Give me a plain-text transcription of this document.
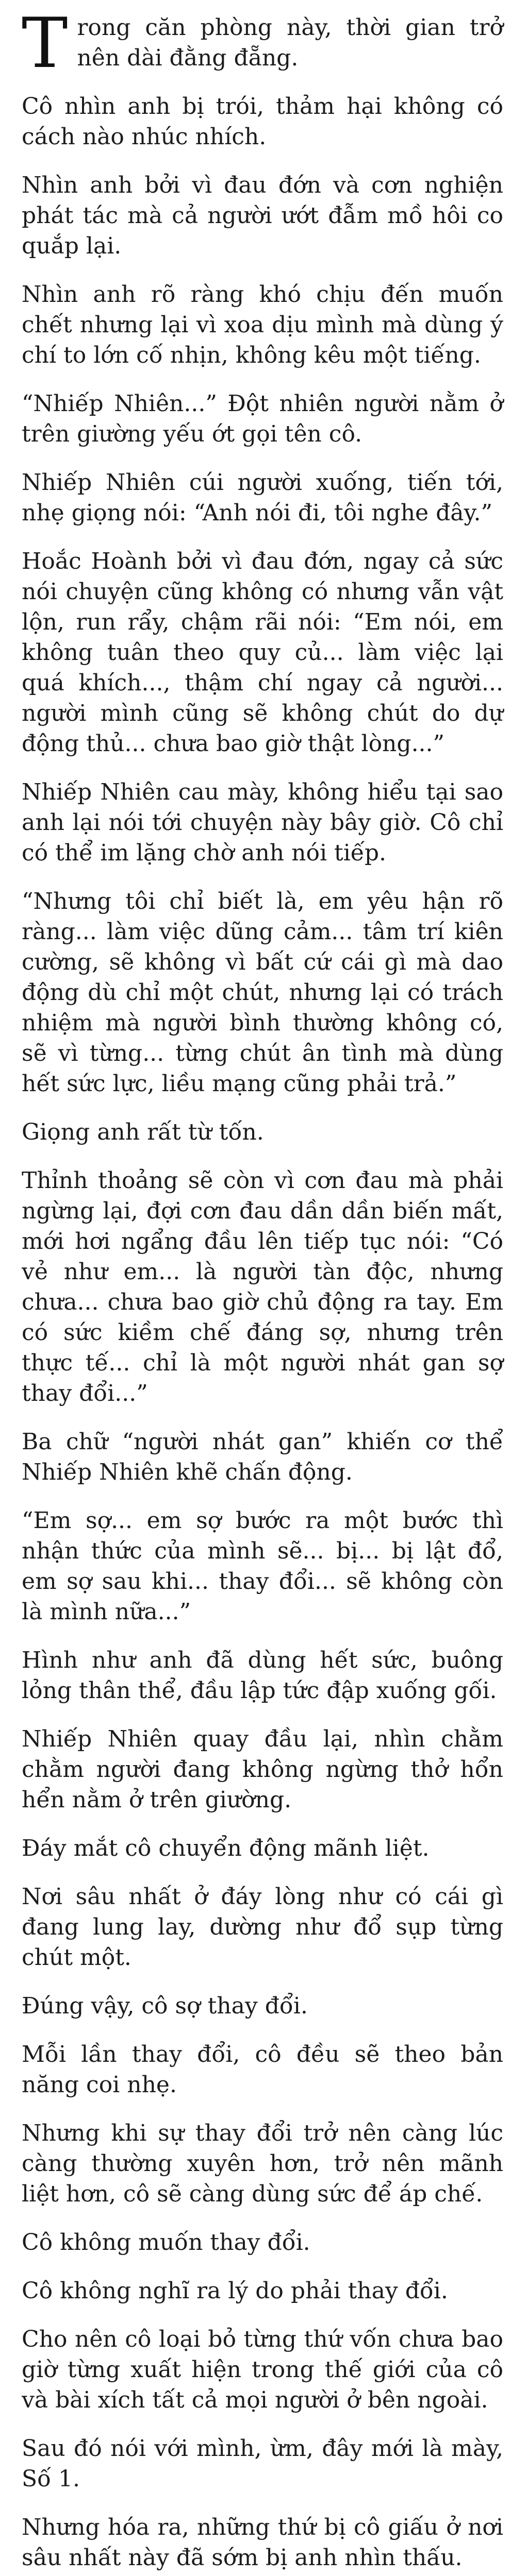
Trong căn phòng này, thời gian trở nên dài đằng đẵng.

Cô nhìn anh bị trói, thảm hại không có cách nào nhúc nhích.

Nhìn anh bởi vì đau đớn và cơn nghiện phát tác mà cả người ướt đẫm mồ hôi co quắp lại.

Nhìn anh rõ ràng khó chịu đến muốn chết nhưng lại vì xoa dịu mình mà dùng ý chí to lớn cố nhịn, không kêu một tiếng.

“Nhiếp Nhiên...” Đột nhiên người nằm ở trên giường yếu ớt gọi tên cô.

Nhiếp Nhiên cúi người xuống, tiến tới, nhẹ giọng nói: “Anh nói đi, tôi nghe đây.”

Hoắc Hoành bởi vì đau đớn, ngay cả sức nói chuyện cũng không có nhưng vẫn vật lộn, run rẩy, chậm rãi nói: “Em nói, em không tuân theo quy củ... làm việc lại quá khích..., thậm chí ngay cả người... người mình cũng sẽ không chút do dự động thủ... chưa bao giờ thật lòng...”

Nhiếp Nhiên cau mày, không hiểu tại sao anh lại nói tới chuyện này bây giờ. Cô chỉ có thể im lặng chờ anh nói tiếp.

“Nhưng tôi chỉ biết là, em yêu hận rõ ràng... làm việc dũng cảm... tâm trí kiên cường, sẽ không vì bất cứ cái gì mà dao động dù chỉ một chút, nhưng lại có trách nhiệm mà người bình thường không có, sẽ vì từng... từng chút ân tình mà dùng hết sức lực, liều mạng cũng phải trả.”

Giọng anh rất từ tốn.

Thỉnh thoảng sẽ còn vì cơn đau mà phải ngừng lại, đợi cơn đau dần dần biến mất, mới hơi ngẩng đầu lên tiếp tục nói: “Có vẻ như em... là người tàn độc, nhưng chưa... chưa bao giờ chủ động ra tay. Em có sức kiềm chế đáng sợ, nhưng trên thực tế... chỉ là một người nhát gan sợ thay đổi...”

Ba chữ “người nhát gan” khiến cơ thể Nhiếp Nhiên khẽ chấn động.

“Em sợ... em sợ bước ra một bước thì nhận thức của mình sẽ... bị... bị lật đổ, em sợ sau khi... thay đổi... sẽ không còn là mình nữa...”

Hình như anh đã dùng hết sức, buông lỏng thân thể, đầu lập tức đập xuống gối.

Nhiếp Nhiên quay đầu lại, nhìn chằm chằm người đang không ngừng thở hổn hển nằm ở trên giường.

Đáy mắt cô chuyển động mãnh liệt.

Nơi sâu nhất ở đáy lòng như có cái gì đang lung lay, dường như đổ sụp từng chút một.

Đúng vậy, cô sợ thay đổi.

Mỗi lần thay đổi, cô đều sẽ theo bản năng coi nhẹ.

Nhưng khi sự thay đổi trở nên càng lúc càng thường xuyên hơn, trở nên mãnh liệt hơn, cô sẽ càng dùng sức để áp chế.

Cô không muốn thay đổi.

Cô không nghĩ ra lý do phải thay đổi.

Cho nên cô loại bỏ từng thứ vốn chưa bao giờ từng xuất hiện trong thế giới của cô và bài xích tất cả mọi người ở bên ngoài.

Sau đó nói với mình, ừm, đây mới là mày, Số 1.

Nhưng hóa ra, những thứ bị cô giấu ở nơi sâu nhất này đã sớm bị anh nhìn thấu.
